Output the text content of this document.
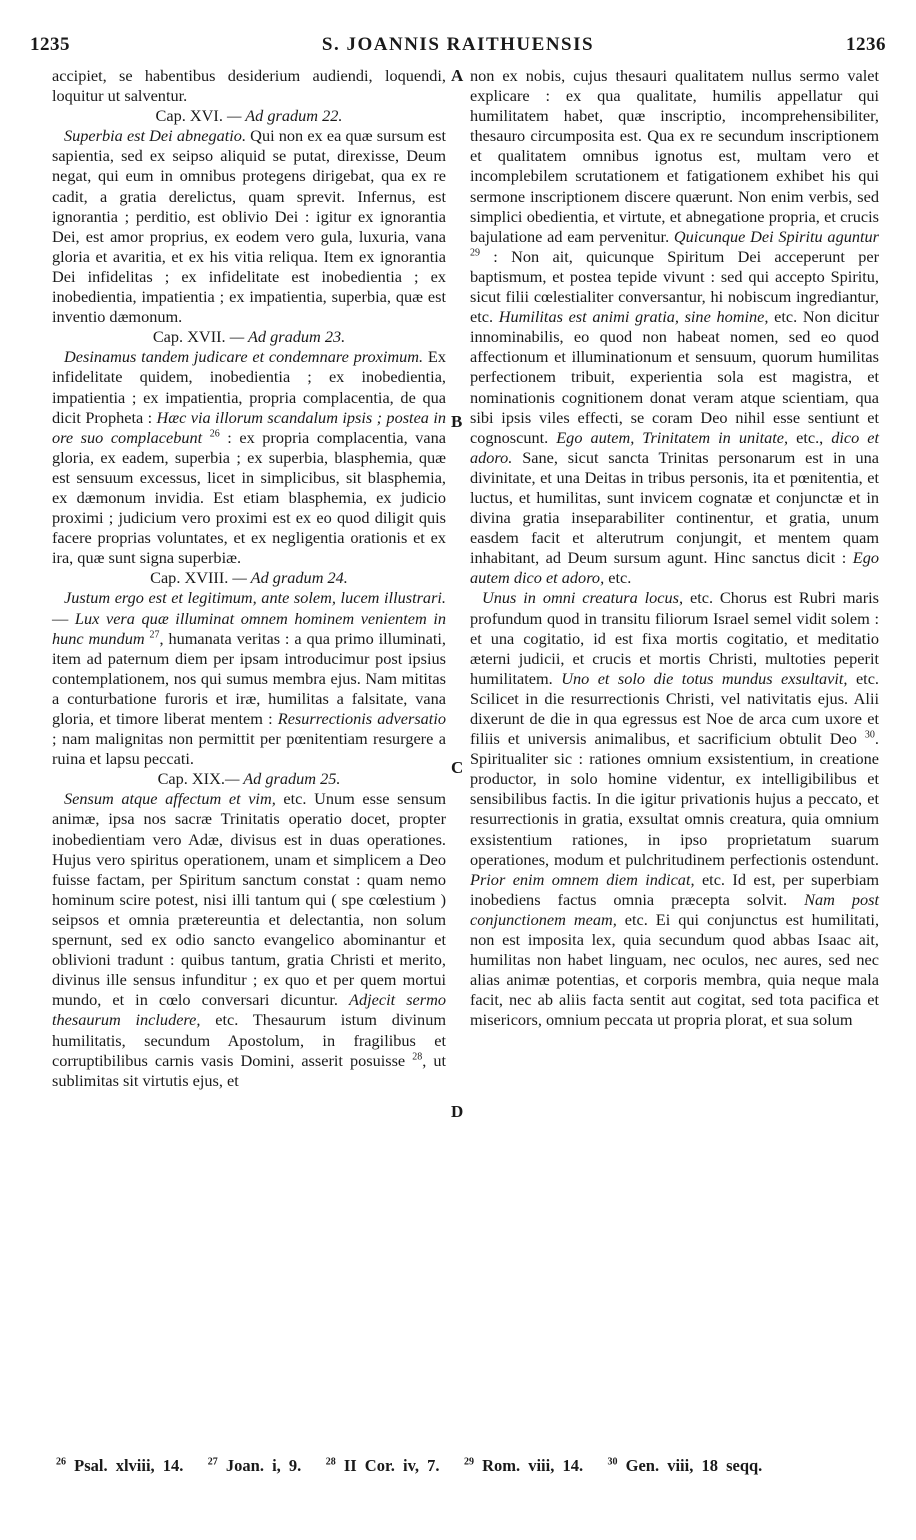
1235	S. JOANNIS RAITHUENSIS	1236

accipiet, se habentibus desiderium audiendi, loquendi, loquitur ut salventur.

Cap. XVI. — Ad gradum 22.

Superbia est Dei abnegatio. Qui non ex ea quæ sursum est sapientia, sed ex seipso aliquid se putat, direxisse, Deum negat, qui eum in omnibus protegens dirigebat, qua ex re cadit, a gratia derelictus, quam sprevit. Infernus, est ignorantia ; perditio, est oblivio Dei : igitur ex ignorantia Dei, est amor proprius, ex eodem vero gula, luxuria, vana gloria et avaritia, et ex his vitia reliqua. Item ex ignorantia Dei infidelitas ; ex infidelitate est inobedientia ; ex inobedientia, impatientia ; ex impatientia, superbia, quæ est inventio dæmonum.

Cap. XVII. — Ad gradum 23.

Desinamus tandem judicare et condemnare proximum. Ex infidelitate quidem, inobedientia ; ex inobedientia, impatientia ; ex impatientia, propria complacentia, de qua dicit Propheta : Hæc via illorum scandalum ipsis ; postea in ore suo complacebunt $^{26}$ : ex propria complacentia, vana gloria, ex eadem, superbia ; ex superbia, blasphemia, quæ est sensuum excessus, licet in simplicibus, sit blasphemia, ex dæmonum invidia. Est etiam blasphemia, ex judicio proximi ; judicium vero proximi est ex eo quod diligit quis facere proprias voluntates, et ex negligentia orationis et ex ira, quæ sunt signa superbiæ.

Cap. XVIII. — Ad gradum 24.

Justum ergo est et legitimum, ante solem, lucem illustrari. — Lux vera quæ illuminat omnem hominem venientem in hunc mundum $^{27}$, humanata veritas : a qua primo illuminati, item ad paternum diem per ipsam introducimur post ipsius contemplationem, nos qui sumus membra ejus. Nam mititas a conturbatione furoris et iræ, humilitas a falsitate, vana gloria, et timore liberat mentem : Resurrectionis adversatio ; nam malignitas non permittit per pœnitentiam resurgere a ruina et lapsu peccati.

Cap. XIX.— Ad gradum 25.

Sensum atque affectum et vim, etc. Unum esse sensum animæ, ipsa nos sacræ Trinitatis operatio docet, propter inobedientiam vero Adæ, divisus est in duas operationes. Hujus vero spiritus operationem, unam et simplicem a Deo fuisse factam, per Spiritum sanctum constat : quam nemo hominum scire potest, nisi illi tantum qui ( spe cœlestium ) seipsos et omnia prætereuntia et delectantia, non solum spernunt, sed ex odio sancto evangelico abominantur et oblivioni tradunt : quibus tantum, gratia Christi et merito, divinus ille sensus infunditur ; ex quo et per quem mortui mundo, et in cœlo conversari dicuntur. Adjecit sermo thesaurum includere, etc. Thesaurum istum divinum humilitatis, secundum Apostolum, in fragilibus et corruptibilibus carnis vasis Domini, asserit posuisse $^{28}$, ut sublimitas sit virtutis ejus, et

A
B
C
D

non ex nobis, cujus thesauri qualitatem nullus sermo valet explicare : ex qua qualitate, humilis appellatur qui humilitatem habet, quæ inscriptio, incomprehensibiliter, thesauro circumposita est. Qua ex re secundum inscriptionem et qualitatem omnibus ignotus est, multam vero et incomplebilem scrutationem et fatigationem exhibet his qui sermone inscriptionem discere quærunt. Non enim verbis, sed simplici obedientia, et virtute, et abnegatione propria, et crucis bajulatione ad eam pervenitur. Quicunque Dei Spiritu aguntur $^{29}$ : Non ait, quicunque Spiritum Dei acceperunt per baptismum, et postea tepide vivunt : sed qui accepto Spiritu, sicut filii cœlestialiter conversantur, hi nobiscum ingrediantur, etc. Humilitas est animi gratia, sine homine, etc. Non dicitur innominabilis, eo quod non habeat nomen, sed eo quod affectionum et illuminationum et sensuum, quorum humilitas perfectionem tribuit, experientia sola est magistra, et nominationis cognitionem donat veram atque scientiam, qua sibi ipsis viles effecti, se coram Deo nihil esse sentiunt et cognoscunt. Ego autem, Trinitatem in unitate, etc., dico et adoro. Sane, sicut sancta Trinitas personarum est in una divinitate, et una Deitas in tribus personis, ita et pœnitentia, et luctus, et humilitas, sunt invicem cognatæ et conjunctæ et in divina gratia inseparabiliter continentur, et gratia, unum easdem facit et alterutrum conjungit, et mentem quam inhabitant, ad Deum sursum agunt. Hinc sanctus dicit : Ego autem dico et adoro, etc.

Unus in omni creatura locus, etc. Chorus est Rubri maris profundum quod in transitu filiorum Israel semel vidit solem : et una cogitatio, id est fixa mortis cogitatio, et meditatio æterni judicii, et crucis et mortis Christi, multoties peperit humilitatem. Uno et solo die totus mundus exsultavit, etc. Scilicet in die resurrectionis Christi, vel nativitatis ejus. Alii dixerunt de die in qua egressus est Noe de arca cum uxore et filiis et universis animalibus, et sacrificium obtulit Deo $^{30}$. Spiritualiter sic : rationes omnium exsistentium, in creatione productor, in solo homine videntur, ex intelligibilibus et sensibilibus factis. In die igitur privationis hujus a peccato, et resurrectionis in gratia, exsultat omnis creatura, quia omnium exsistentium rationes, in ipso proprietatum suarum operationes, modum et pulchritudinem perfectionis ostendunt. Prior enim omnem diem indicat, etc. Id est, per superbiam inobediens factus omnia præcepta solvit. Nam post conjunctionem meam, etc. Ei qui conjunctus est humilitati, non est imposita lex, quia secundum quod abbas Isaac ait, humilitas non habet linguam, nec oculos, nec aures, sed nec alias animæ potentias, et corporis membra, quia neque mala facit, nec ab aliis facta sentit aut cogitat, sed tota pacifica et misericors, omnium peccata ut propria plorat, et sua solum

$^{26}$ Psal. xlviii, 14. $^{27}$ Joan. i, 9. $^{28}$ II Cor. iv, 7. $^{29}$ Rom. viii, 14. $^{30}$ Gen. viii, 18 seqq.
